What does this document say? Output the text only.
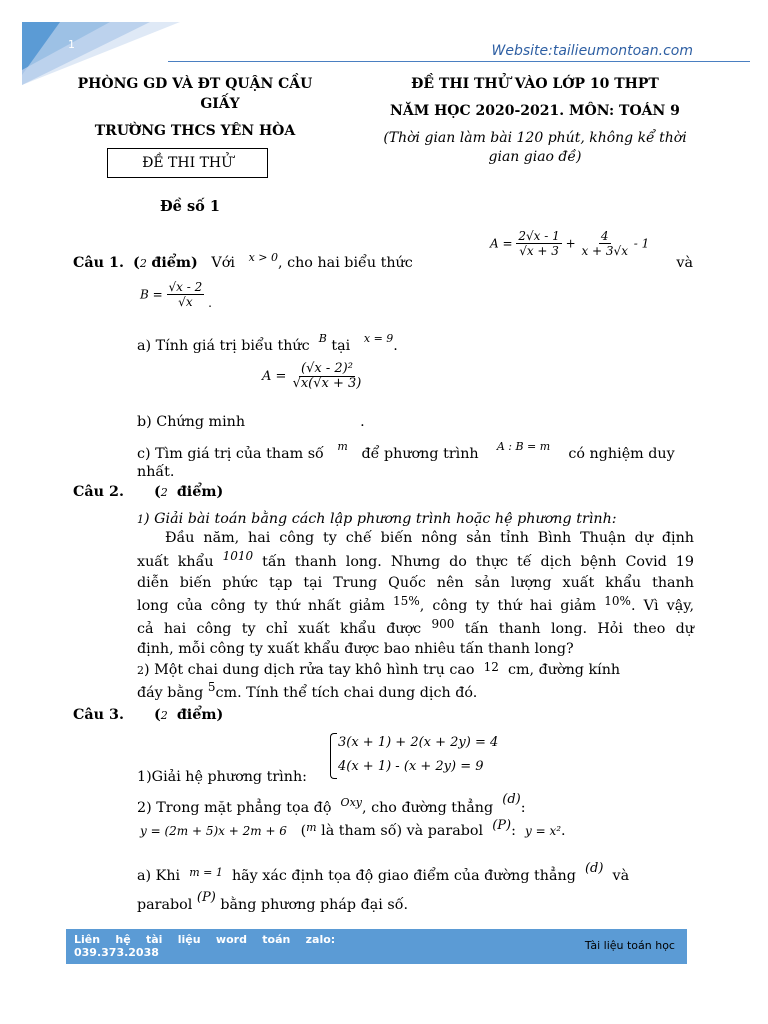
1	Website:tailieumontoan.com
PHÒNG GD VÀ ĐT QUẬN CẦU
GIẤY
TRƯỜNG THCS YÊN HÒA
ĐỀ THI THỬ
ĐỀ THI THỬ VÀO LỚP 10 THPT
NĂM HỌC 2020-2021. MÔN: TOÁN 9
(Thời gian làm bài 120 phút, không kể thời
gian giao đề)
Đề số 1
$A = \frac{2√x - 1}{√x + 3} + \frac{4}{x + 3√x} - 1$
Câu 1. (2 điểm) Với $^{x > 0}$, cho hai biểu thức	và
$B = \frac{√x - 2}{√x}$ .
a) Tính giá trị biểu thức $^B$ tại $^{x = 9}$.
$A = \frac{\text{(√x - 2)²}}{√x(√x + 3)}$
b) Chứng minh	.
c) Tìm giá trị của tham số $^m$ để phương trình $^{A : B = m}$ có nghiệm duy
nhất.
Câu 2. (2 điểm)
1) Giải bài toán bằng cách lập phương trình hoặc hệ phương trình:
Đầu năm, hai công ty chế biến nông sản tỉnh Bình Thuận dự định
xuất khẩu $^{1010}$ tấn thanh long. Nhưng do thực tế dịch bệnh Covid 19
diễn biến phức tạp tại Trung Quốc nên sản lượng xuất khẩu thanh
long của công ty thứ nhất giảm $^{15\%}$, công ty thứ hai giảm $^{10\%}$. Vì vậy,
cả hai công ty chỉ xuất khẩu được $^{900}$ tấn thanh long. Hỏi theo dự
định, mỗi công ty xuất khẩu được bao nhiêu tấn thanh long?
2) Một chai dung dịch rửa tay khô hình trụ cao $^{12}$ cm, đường kính
đáy bằng $^5$cm. Tính thể tích chai dung dịch đó.
Câu 3. (2 điểm)
3(x + 1) + 2(x + 2y) = 4
4(x + 1) - (x + 2y) = 9
1)Giải hệ phương trình:
2) Trong mặt phẳng tọa độ $^{Oxy}$, cho đường thẳng  (d):
y = (2m + 5)x + 2m + 6 ($^m$ là tham số) và parabol (P): y = x².
a) Khi $^{m = 1}$ hãy xác định tọa độ giao điểm của đường thẳng (d) và
parabol (P) bằng phương pháp đại số.
Liên    hệ    tài    liệu    word    toán    zalo:
039.373.2038
Tài liệu toán học
